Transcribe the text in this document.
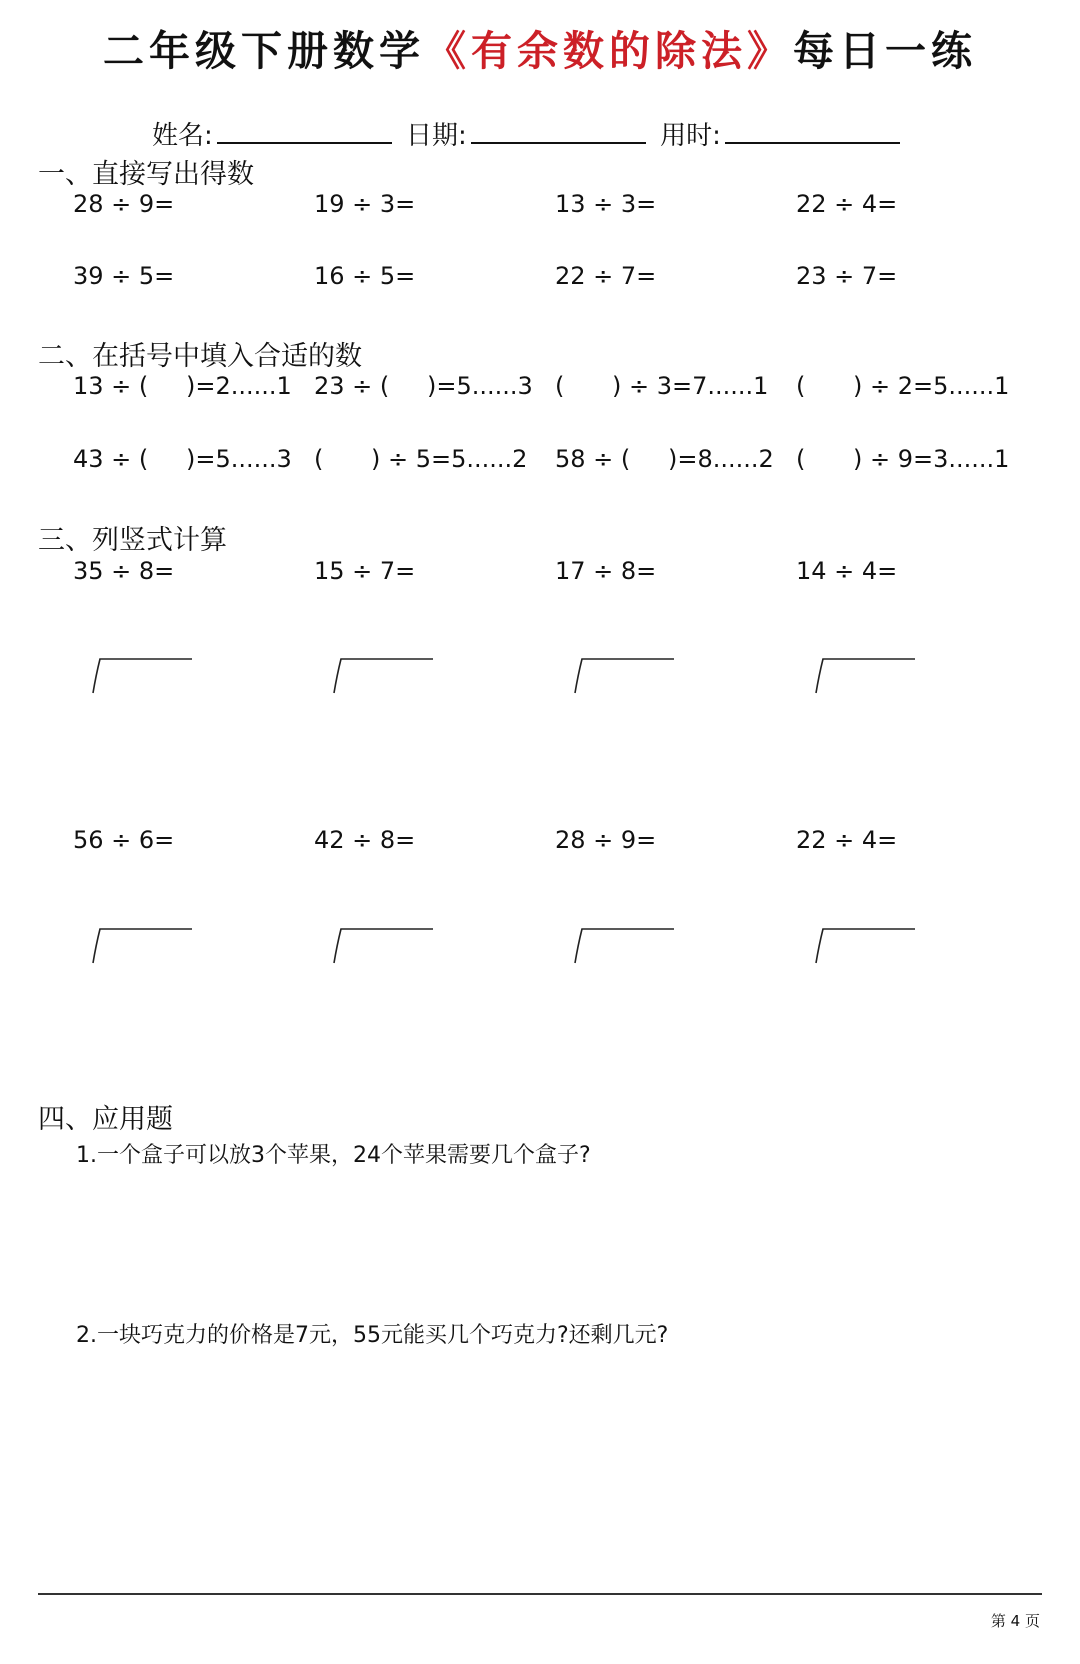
二年级下册数学《有余数的除法》每日一练
姓名:	日期:	用时:
一、直接写出得数
28 ÷ 9=	19 ÷ 3=	13 ÷ 3=	22 ÷ 4=
39 ÷ 5=	16 ÷ 5=	22 ÷ 7=	23 ÷ 7=
二、在括号中填入合适的数
13 ÷ ( )=2......1 23 ÷ ( )=5......3 ( ) ÷ 3=7......1 ( ) ÷ 2=5......1
43 ÷ ( )=5......3 ( ) ÷ 5=5......2 58 ÷ ( )=8......2 ( ) ÷ 9=3......1
三、列竖式计算
35 ÷ 8=	15 ÷ 7=	17 ÷ 8=	14 ÷ 4=
56 ÷ 6=	42 ÷ 8=	28 ÷ 9=	22 ÷ 4=
四、应用题
1.一个盒子可以放3个苹果，24个苹果需要几个盒子?
2.一块巧克力的价格是7元，55元能买几个巧克力?还剩几元?
第 4 页
